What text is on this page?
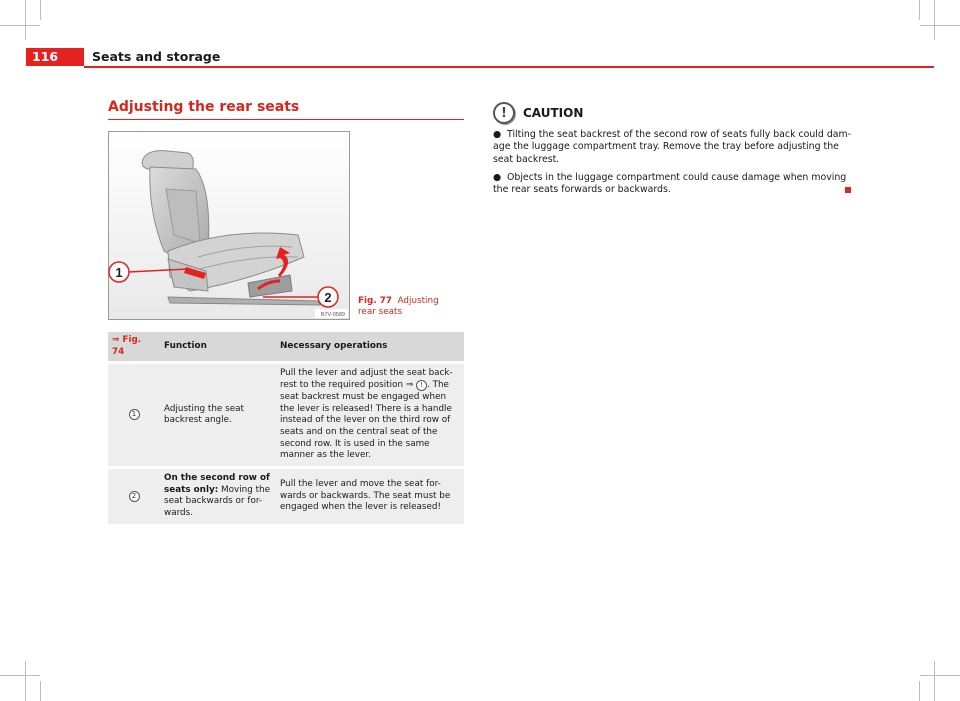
116	Seats and storage
Adjusting the rear seats
1
2
B7V-0589
Fig. 77 Adjusting rear seats
⇒ Fig. 74	Function	Necessary operations

1	Adjusting the seat backrest angle.	Pull the lever and adjust the seat back-rest to the required position ⇒ ! . The seat backrest must be engaged when the lever is released! There is a handle instead of the lever on the third row of seats and on the central seat of the second row. It is used in the same manner as the lever.

2	On the second row of seats only: Moving the seat backwards or for-wards.	Pull the lever and move the seat for-wards or backwards. The seat must be engaged when the lever is released!
!	CAUTION
● Tilting the seat backrest of the second row of seats fully back could dam-age the luggage compartment tray. Remove the tray before adjusting the seat backrest.
● Objects in the luggage compartment could cause damage when moving the rear seats forwards or backwards.
